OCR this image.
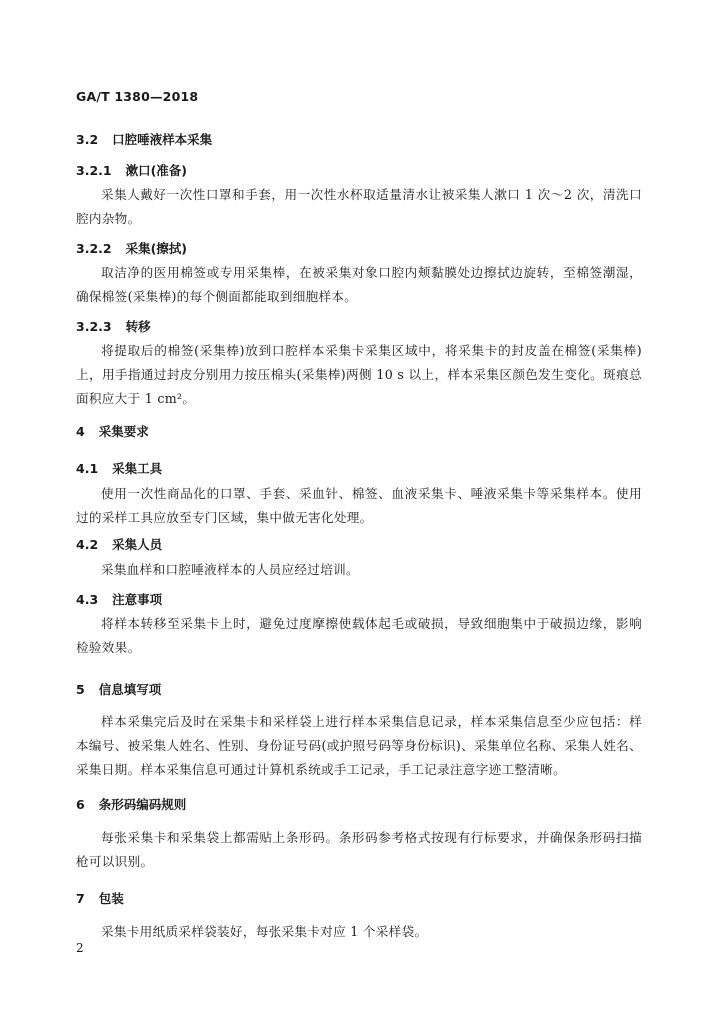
GA/T 1380—2018
3.2 口腔唾液样本采集
3.2.1 漱口(准备)
采集人戴好一次性口罩和手套，用一次性水杯取适量清水让被采集人漱口 1 次～2 次，清洗口腔内杂物。
3.2.2 采集(擦拭)
取洁净的医用棉签或专用采集棒，在被采集对象口腔内颊黏膜处边擦拭边旋转，至棉签潮湿，确保棉签(采集棒)的每个侧面都能取到细胞样本。
3.2.3 转移
将提取后的棉签(采集棒)放到口腔样本采集卡采集区域中，将采集卡的封皮盖在棉签(采集棒)上，用手指通过封皮分别用力按压棉头(采集棒)两侧 10 s 以上，样本采集区颜色发生变化。斑痕总面积应大于 1 cm²。
4 采集要求
4.1 采集工具
使用一次性商品化的口罩、手套、采血针、棉签、血液采集卡、唾液采集卡等采集样本。使用过的采样工具应放至专门区域，集中做无害化处理。
4.2 采集人员
采集血样和口腔唾液样本的人员应经过培训。
4.3 注意事项
将样本转移至采集卡上时，避免过度摩擦使载体起毛或破损，导致细胞集中于破损边缘，影响检验效果。
5 信息填写项
样本采集完后及时在采集卡和采样袋上进行样本采集信息记录，样本采集信息至少应包括：样本编号、被采集人姓名、性别、身份证号码(或护照号码等身份标识)、采集单位名称、采集人姓名、采集日期。样本采集信息可通过计算机系统或手工记录，手工记录注意字迹工整清晰。
6 条形码编码规则
每张采集卡和采集袋上都需贴上条形码。条形码参考格式按现有行标要求，并确保条形码扫描枪可以识别。
7 包装
采集卡用纸质采样袋装好，每张采集卡对应 1 个采样袋。
2
